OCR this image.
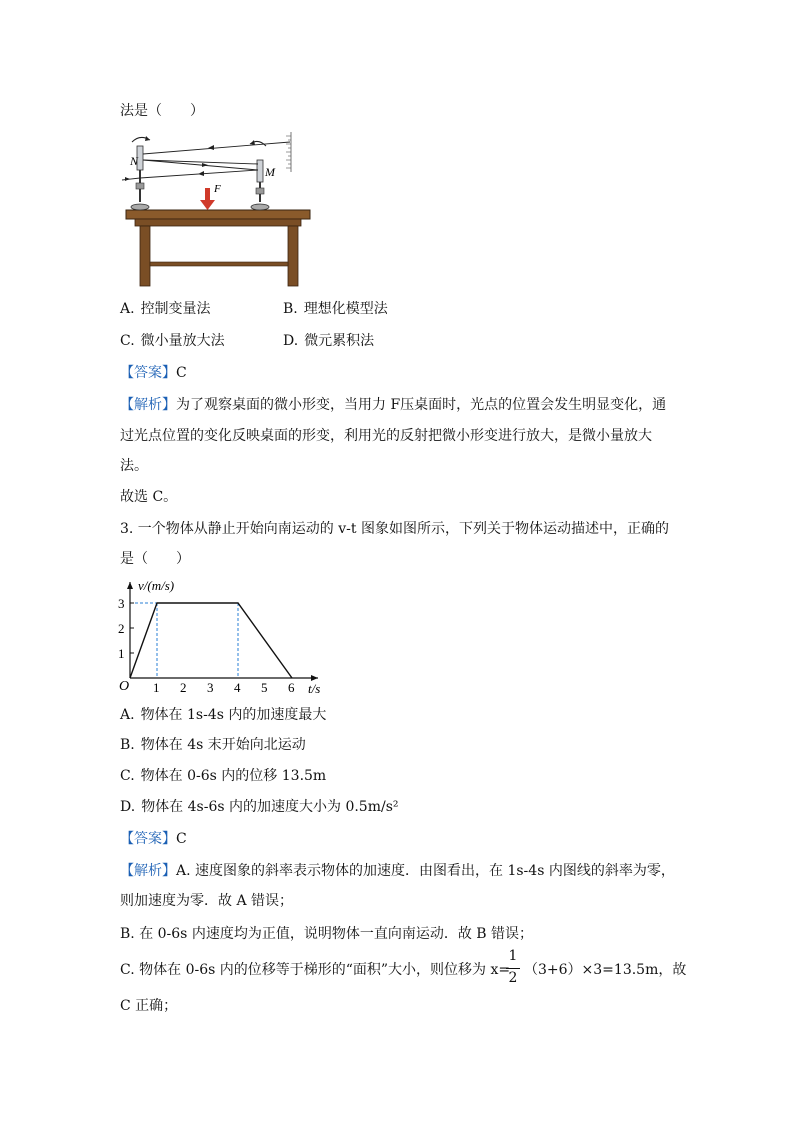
法是（　　）
N
M
F
A. 控制变量法	B. 理想化模型法
C. 微小量放大法	D. 微元累积法
【答案】C
【解析】为了观察桌面的微小形变，当用力 F压桌面时，光点的位置会发生明显变化，通
过光点位置的变化反映桌面的形变，利用光的反射把微小形变进行放大，是微小量放大
法。
故选 C。
3. 一个物体从静止开始向南运动的 v-t 图象如图所示，下列关于物体运动描述中，正确的
是（　　）
1 2 3 4 5 6
1
2
3
v/(m/s)
t/s
O
A. 物体在 1s-4s 内的加速度最大
B. 物体在 4s 末开始向北运动
C. 物体在 0-6s 内的位移 13.5m
D. 物体在 4s-6s 内的加速度大小为 0.5m/s²
【答案】C
【解析】A. 速度图象的斜率表示物体的加速度．由图看出，在 1s-4s 内图线的斜率为零，
则加速度为零．故 A 错误；
B. 在 0-6s 内速度均为正值，说明物体一直向南运动．故 B 错误；
C. 物体在 0-6s 内的位移等于梯形的“面积”大小，则位移为 x=
1
2 （3+6）×3=13.5m，故
C 正确；
